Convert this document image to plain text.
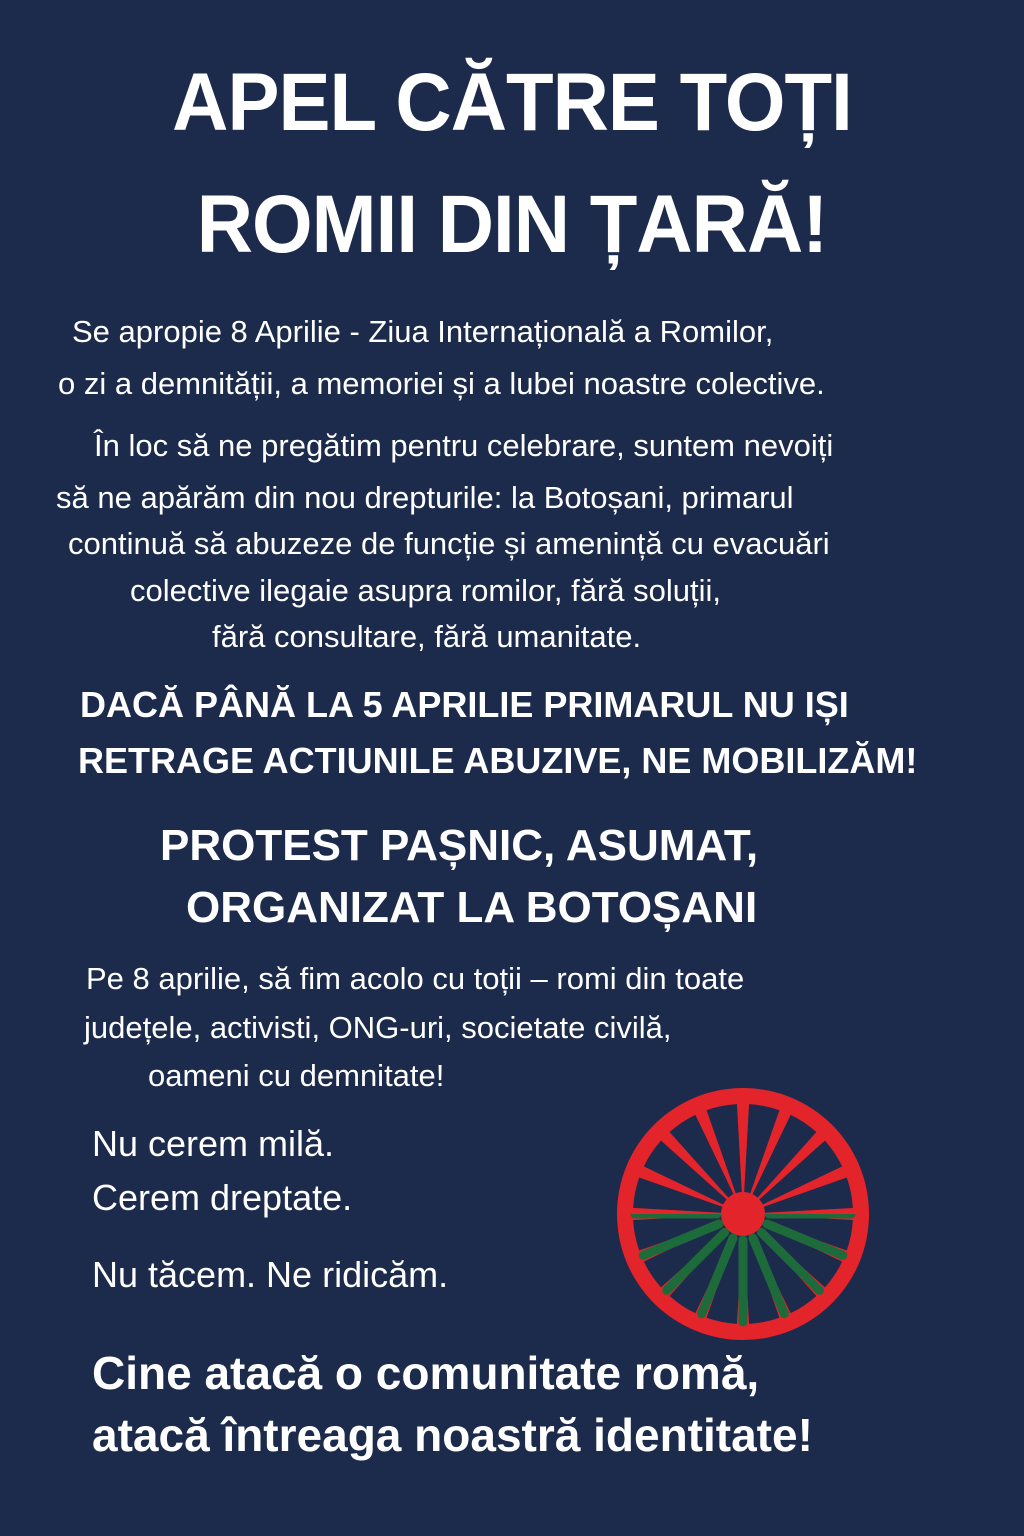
APEL CĂTRE TOȚI
ROMII DIN ȚARĂ!
Se apropie 8 Aprilie - Ziua Internațională a Romilor,
o zi a demnității, a memoriei și a lubei noastre colective.
În loc să ne pregătim pentru celebrare, suntem nevoiți
să ne apărăm din nou drepturile: la Botoșani, primarul
continuă să abuzeze de funcție și amenință cu evacuări
colective ilegaie asupra romilor, fără soluții,
fără consultare, fără umanitate.
DACĂ PÂNĂ LA 5 APRILIE PRIMARUL NU IȘI
RETRAGE ACTIUNILE ABUZIVE, NE MOBILIZĂM!
PROTEST PAȘNIC, ASUMAT,
ORGANIZAT LA BOTOȘANI
Pe 8 aprilie, să fim acolo cu toții – romi din toate
județele, activisti, ONG-uri, societate civilă,
oameni cu demnitate!
Nu cerem milă.
Cerem dreptate.
Nu tăcem. Ne ridicăm.
Cine atacă o comunitate romă,
atacă întreaga noastră identitate!
